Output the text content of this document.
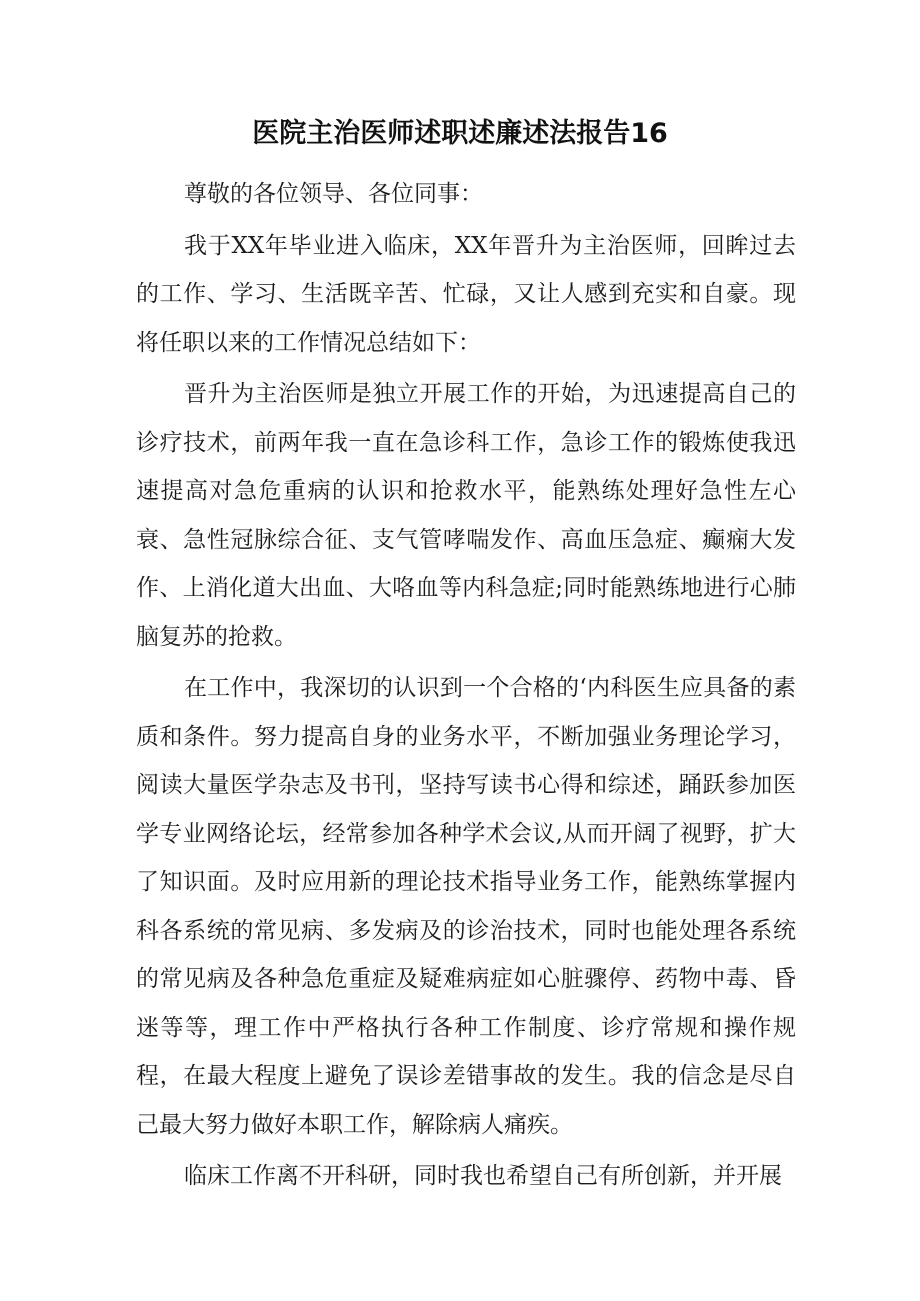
医院主治医师述职述廉述法报告16

尊敬的各位领导、各位同事：

我于XX年毕业进入临床，XX年晋升为主治医师，回眸过去的工作、学习、生活既辛苦、忙碌，又让人感到充实和自豪。现将任职以来的工作情况总结如下：

晋升为主治医师是独立开展工作的开始，为迅速提高自己的诊疗技术，前两年我一直在急诊科工作，急诊工作的锻炼使我迅速提高对急危重病的认识和抢救水平，能熟练处理好急性左心衰、急性冠脉综合征、支气管哮喘发作、高血压急症、癫痫大发作、上消化道大出血、大咯血等内科急症;同时能熟练地进行心肺脑复苏的抢救。

在工作中，我深切的认识到一个合格的‘内科医生应具备的素质和条件。努力提高自身的业务水平，不断加强业务理论学习，阅读大量医学杂志及书刊，坚持写读书心得和综述，踊跃参加医学专业网络论坛，经常参加各种学术会议,从而开阔了视野，扩大了知识面。及时应用新的理论技术指导业务工作，能熟练掌握内科各系统的常见病、多发病及的诊治技术，同时也能处理各系统的常见病及各种急危重症及疑难病症如心脏骤停、药物中毒、昏迷等等，理工作中严格执行各种工作制度、诊疗常规和操作规程，在最大程度上避免了误诊差错事故的发生。我的信念是尽自己最大努力做好本职工作，解除病人痛疾。

临床工作离不开科研，同时我也希望自己有所创新，并开展
